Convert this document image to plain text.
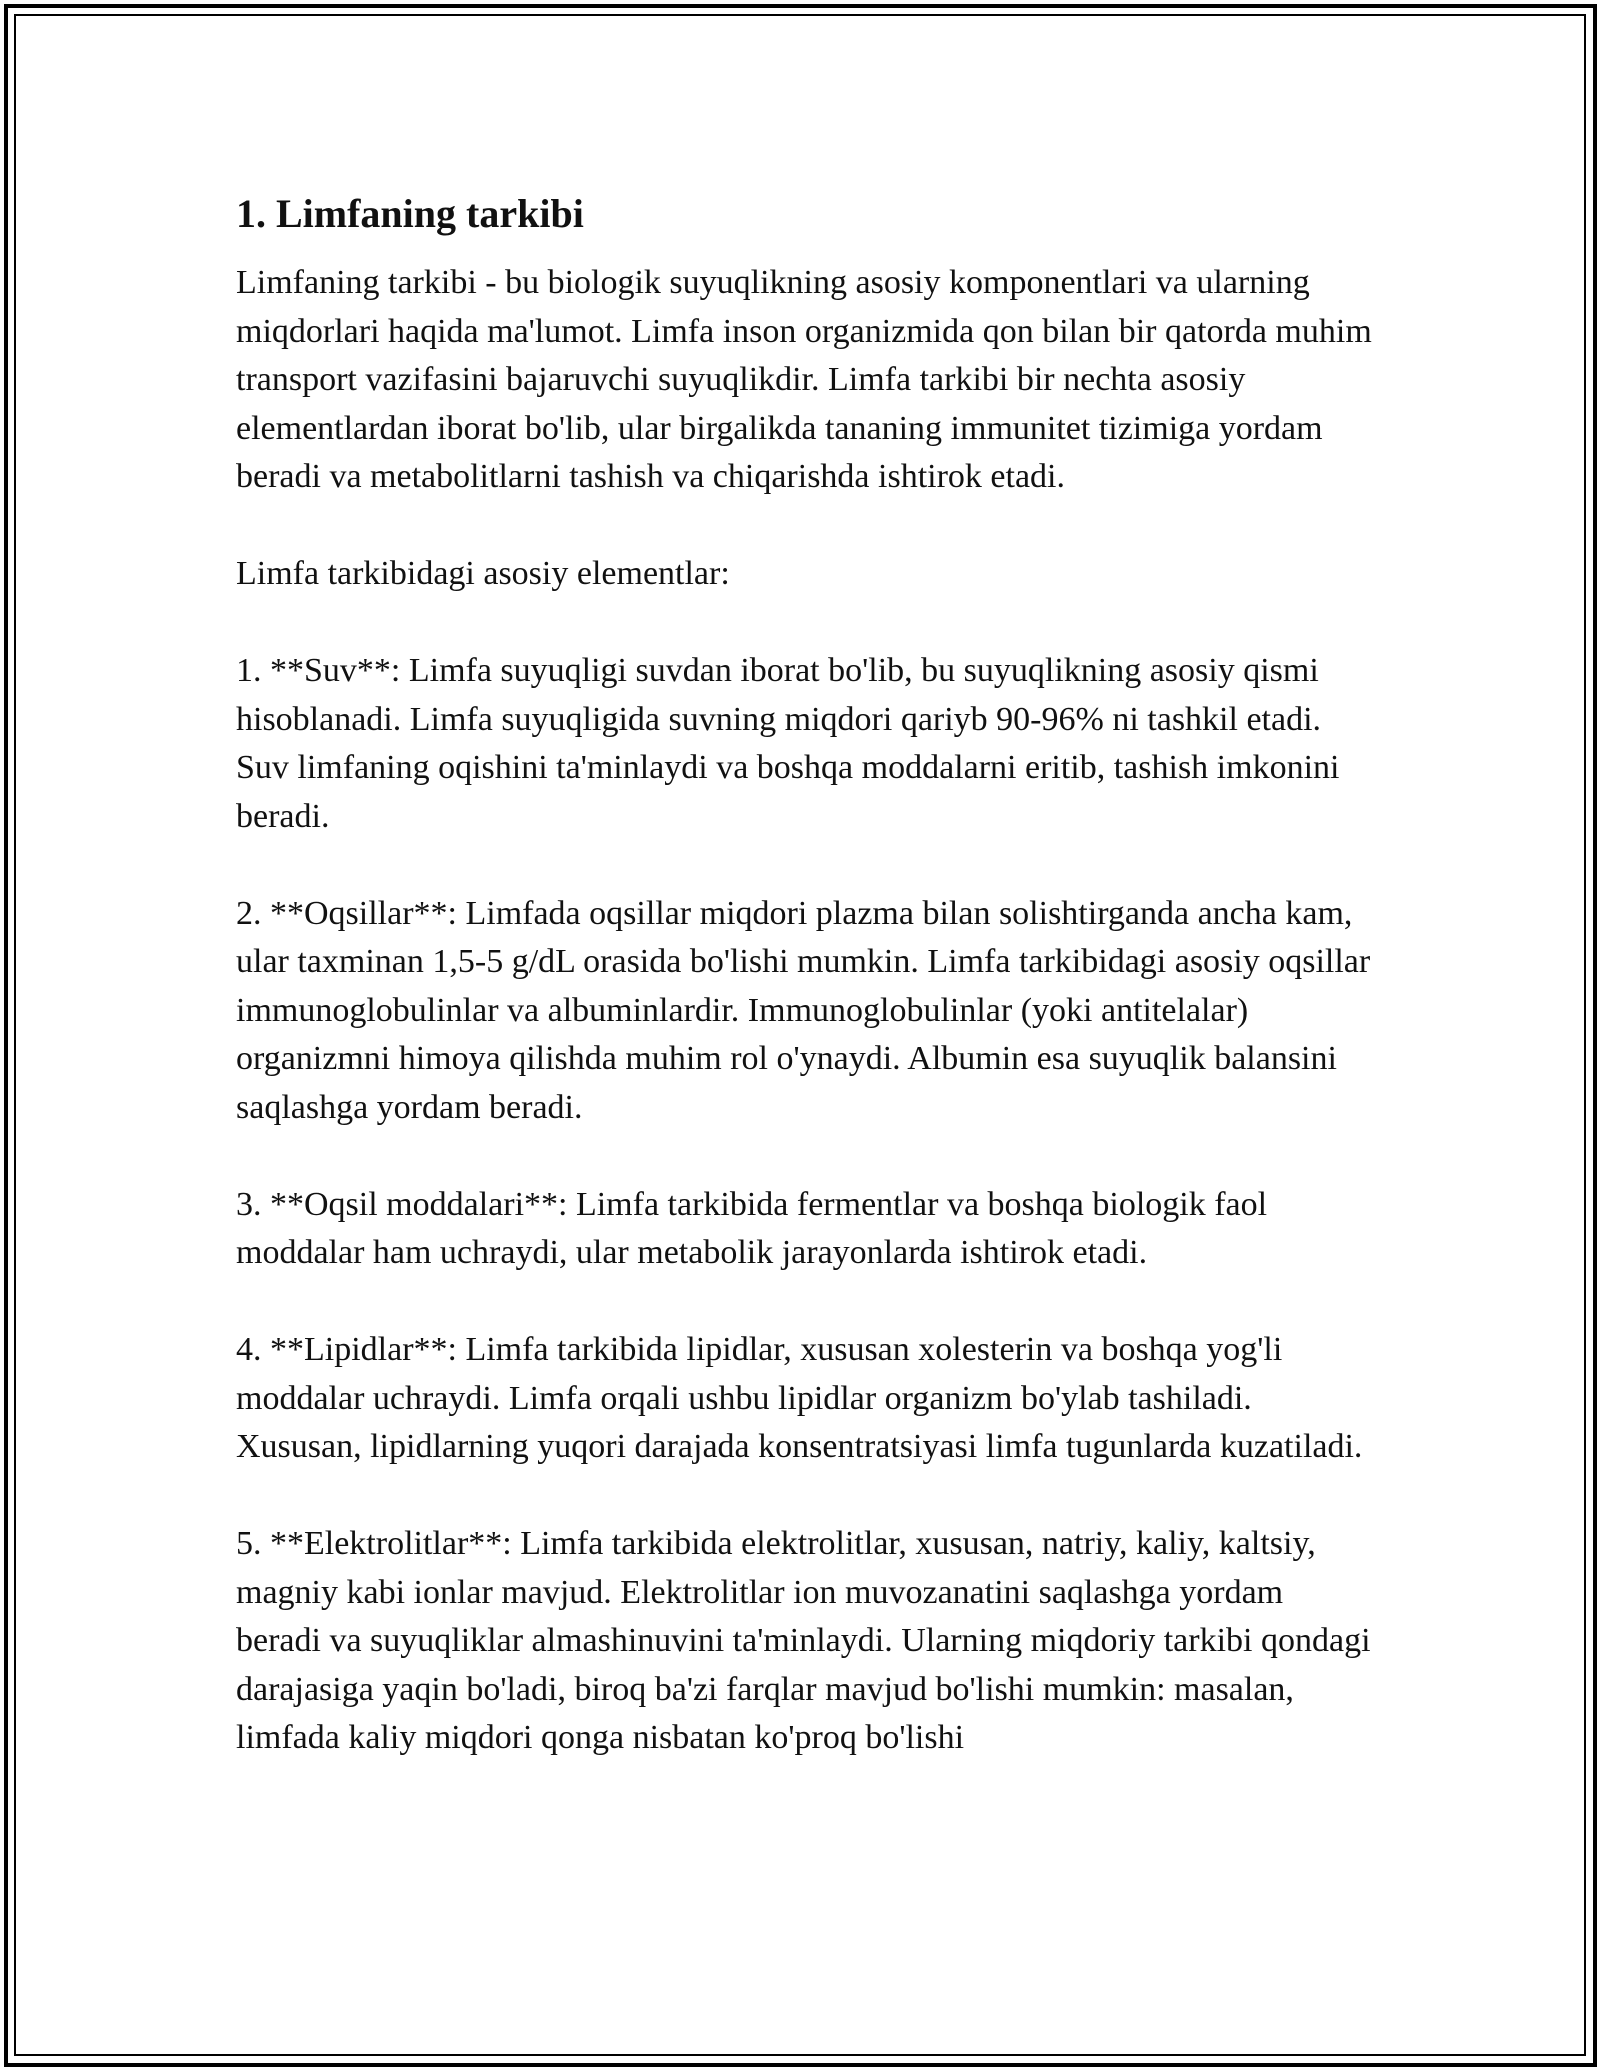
1. Limfaning tarkibi

Limfaning tarkibi - bu biologik suyuqlikning asosiy komponentlari va ularning miqdorlari haqida ma'lumot. Limfa inson organizmida qon bilan bir qatorda muhim transport vazifasini bajaruvchi suyuqlikdir. Limfa tarkibi bir nechta asosiy elementlardan iborat bo'lib, ular birgalikda tananing immunitet tizimiga yordam beradi va metabolitlarni tashish va chiqarishda ishtirok etadi.

Limfa tarkibidagi asosiy elementlar:

1. **Suv**: Limfa suyuqligi suvdan iborat bo'lib, bu suyuqlikning asosiy qismi hisoblanadi. Limfa suyuqligida suvning miqdori qariyb 90-96% ni tashkil etadi. Suv limfaning oqishini ta'minlaydi va boshqa moddalarni eritib, tashish imkonini beradi.

2. **Oqsillar**: Limfada oqsillar miqdori plazma bilan solishtirganda ancha kam, ular taxminan 1,5-5 g/dL orasida bo'lishi mumkin. Limfa tarkibidagi asosiy oqsillar immunoglobulinlar va albuminlardir. Immunoglobulinlar (yoki antitelalar) organizmni himoya qilishda muhim rol o'ynaydi. Albumin esa suyuqlik balansini saqlashga yordam beradi.

3. **Oqsil moddalari**: Limfa tarkibida fermentlar va boshqa biologik faol moddalar ham uchraydi, ular metabolik jarayonlarda ishtirok etadi.

4. **Lipidlar**: Limfa tarkibida lipidlar, xususan xolesterin va boshqa yog'li moddalar uchraydi. Limfa orqali ushbu lipidlar organizm bo'ylab tashiladi. Xususan, lipidlarning yuqori darajada konsentratsiyasi limfa tugunlarda kuzatiladi.

5. **Elektrolitlar**: Limfa tarkibida elektrolitlar, xususan, natriy, kaliy, kaltsiy, magniy kabi ionlar mavjud. Elektrolitlar ion muvozanatini saqlashga yordam beradi va suyuqliklar almashinuvini ta'minlaydi. Ularning miqdoriy tarkibi qondagi darajasiga yaqin bo'ladi, biroq ba'zi farqlar mavjud bo'lishi mumkin: masalan, limfada kaliy miqdori qonga nisbatan ko'proq bo'lishi
